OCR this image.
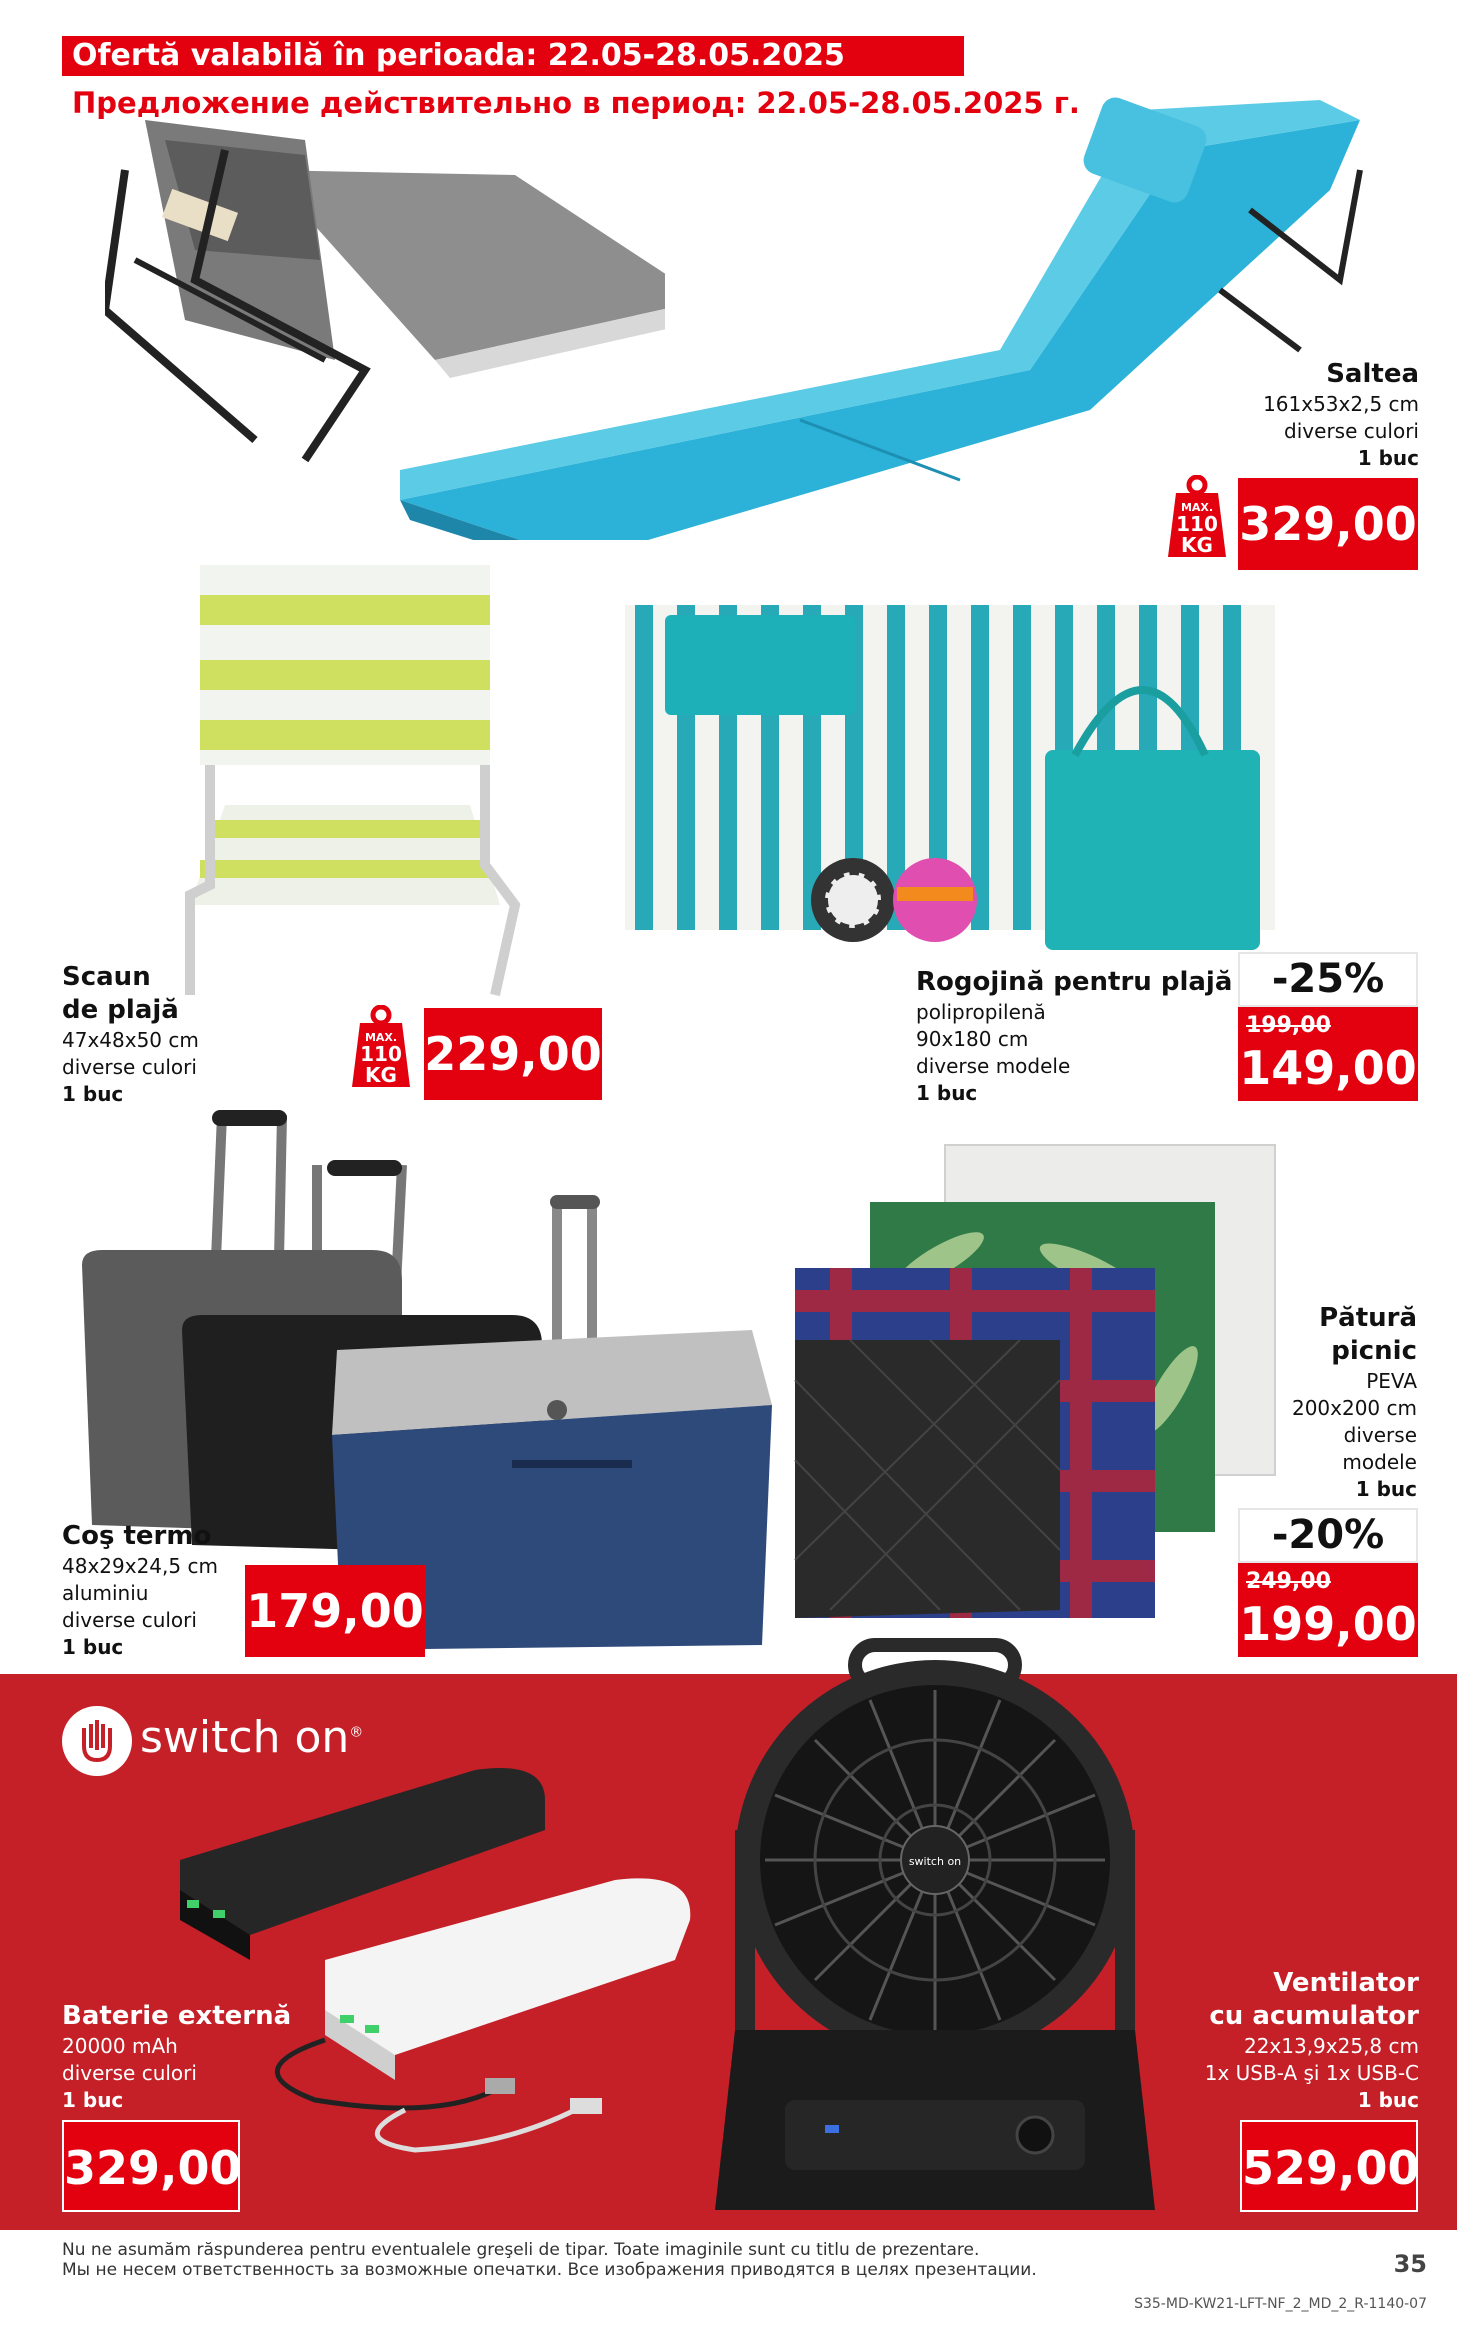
Ofertă valabilă în perioada: 22.05-28.05.2025
Предложение действительно в период: 22.05-28.05.2025 г.
Saltea
161x53x2,5 cm
diverse culori
1 buc
MAX.
110
KG 329,00
Scaun
de plajă
47x48x50 cm
diverse culori
1 buc
MAX.
110
KG 229,00
Rogojină pentru plajă
polipropilenă
90x180 cm
diverse modele
1 buc
-25%
199,00
149,00
Coş termo
48x29x24,5 cm
aluminiu
diverse culori
1 buc
179,00
Pătură
picnic
PEVA
200x200 cm
diverse
modele
1 buc
-20%
249,00
199,00
switch on®
Baterie externă
20000 mAh
diverse culori
1 buc
329,00
switch on
Ventilator
cu acumulator
22x13,9x25,8 cm
1x USB-A şi 1x USB-C
1 buc
529,00
Nu ne asumăm răspunderea pentru eventualele greşeli de tipar. Toate imaginile sunt cu titlu de prezentare.
Мы не несем ответственность за возможные опечатки. Все изображения приводятся в целях презентации.	35
S35-MD-KW21-LFT-NF_2_MD_2_R-1140-07
